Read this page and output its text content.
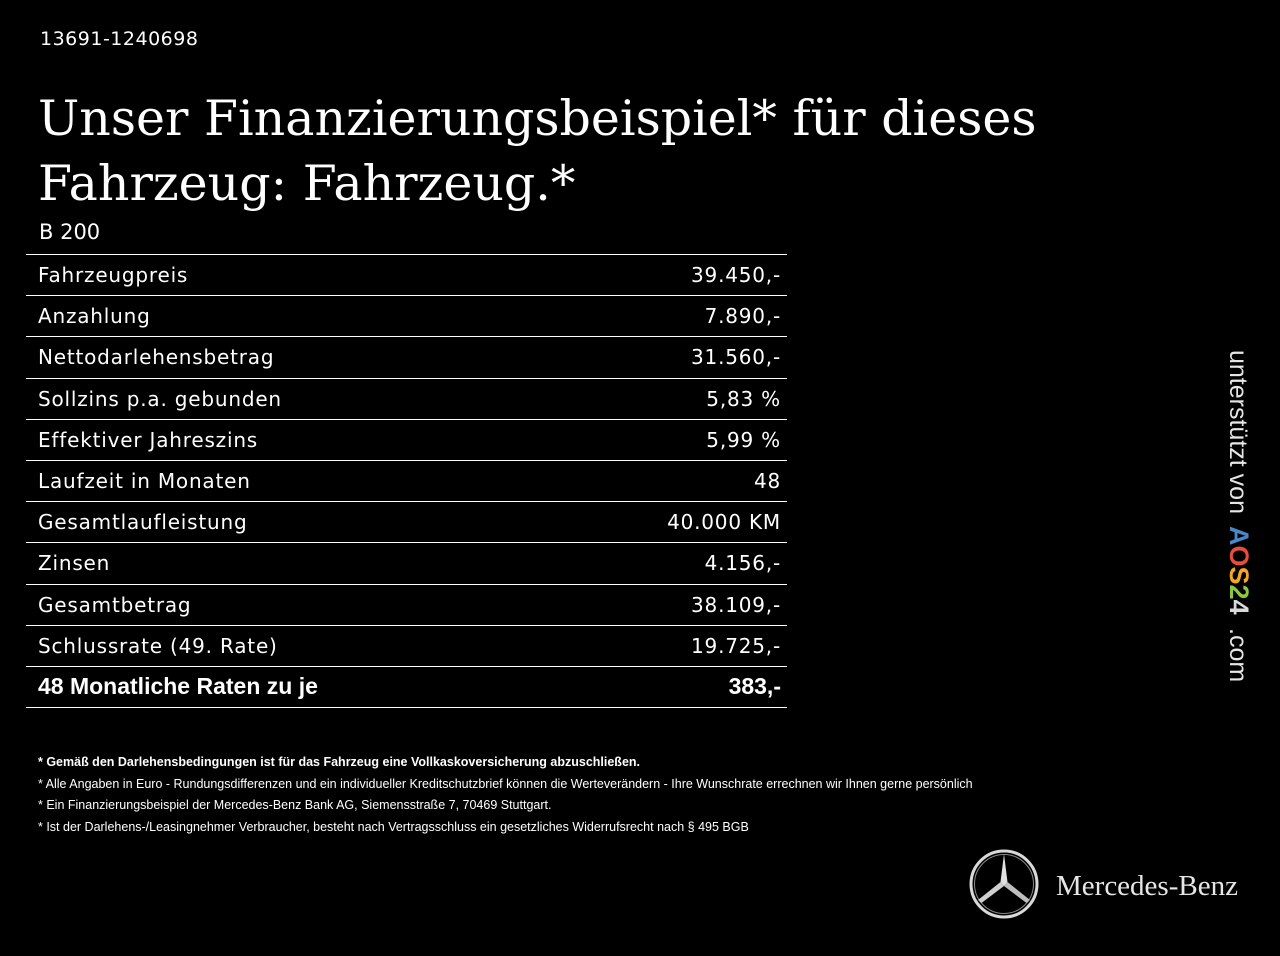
13691-1240698
Unser Finanzierungsbeispiel* für dieses Fahrzeug: Fahrzeug.*
B 200
Fahrzeugpreis	39.450,-
Anzahlung	7.890,-
Nettodarlehensbetrag	31.560,-
Sollzins p.a. gebunden	5,83 %
Effektiver Jahreszins	5,99 %
Laufzeit in Monaten	48
Gesamtlaufleistung	40.000 KM
Zinsen	4.156,-
Gesamtbetrag	38.109,-
Schlussrate (49. Rate)	19.725,-
48 Monatliche Raten zu je	383,-
* Gemäß den Darlehensbedingungen ist für das Fahrzeug eine Vollkaskoversicherung abzuschließen.
* Alle Angaben in Euro - Rundungsdifferenzen und ein individueller Kreditschutzbrief können die Werteverändern - Ihre Wunschrate errechnen wir Ihnen gerne persönlich
* Ein Finanzierungsbeispiel der Mercedes-Benz Bank AG, Siemensstraße 7, 70469 Stuttgart.
* Ist der Darlehens-/Leasingnehmer Verbraucher, besteht nach Vertragsschluss ein gesetzliches Widerrufsrecht nach § 495 BGB
unterstützt von
AOS24
.com
Mercedes-Benz
